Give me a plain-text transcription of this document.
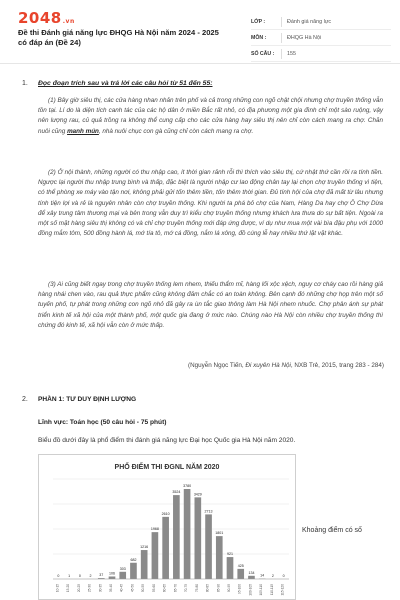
2048.vn
Đề thi Đánh giá năng lực ĐHQG Hà Nội năm 2024 - 2025 có đáp án (Đề 24)
LỚP :	Đánh giá năng lực
MÔN :	ĐHQG Hà Nội
SỐ CÂU :	155
1. Đọc đoạn trích sau và trả lời các câu hỏi từ 51 đến 55:

(1) Bây giờ siêu thị, các cửa hàng nhan nhản trên phố và cả trong những con ngõ chật chội nhưng chợ truyền thống vẫn tồn tại. Lí do là diện tích canh tác của các hộ dân ở miền Bắc rất nhỏ, có địa phương một gia đình chỉ một sào ruộng, vậy nên lượng rau, củ quả trồng ra không thể cung cấp cho các cửa hàng hay siêu thị nên chỉ còn cách mang ra chợ. Chăn nuôi cũng manh mún, nhà nuôi chục con gà cũng chỉ còn cách mang ra chợ.

(2) Ở nội thành, những người có thu nhập cao, ít thời gian rảnh rỗi thì thích vào siêu thị, cứ nhật thứ cần rồi ra tính tiền. Ngược lại người thu nhập trung bình và thấp, đặc biệt là người nhập cư lao động chân tay lại chọn chợ truyền thống vì tiện, có thể phòng xe máy vào tận nơi, không phải gửi tốn thêm tiền, tốn thêm thời gian. Đủ tính hội của chợ đã mất từ lâu nhưng tính tiện lợi và rẻ là nguyên nhân còn chợ truyền thống. Khi người ta phá bỏ chợ của Nam, Hàng Da hay chợ Ô Chợ Dừa để xây trung tâm thương mại và bên trong vẫn duy trì kiểu chợ truyền thống nhưng khách lưa thưa do sự bất tiện. Ngoài ra một số mặt hàng siêu thị không có và chỉ chợ truyền thống mới đáp ứng được, ví dụ như mua một vài bìa đậu phụ với 1000 đồng mắm tôm, 500 đồng hành lá, mớ tía tô, mớ cá đồng, nắm lá xông, đồ cúng lễ hay nhiều thứ lặt vặt khác.

(3) Ai cũng biết ngay trong chợ truyền thống lem nhem, thiếu thẩm mĩ, hàng lối xộc xệch, nguy cơ cháy cao rồi hàng giả hàng nhái chen vào, rau quả thực phẩm cũng không đảm chắc có an toàn không. Bên cạnh đó những chợ họp trên một số tuyến phố, tự phát trong những con ngõ nhỏ đã gây ra ùn tắc giao thông làm Hà Nội nhem nhuốc. Chợ phân ánh sự phát triển kinh tế xã hội của một thành phố, một quốc gia đang ở mức nào. Chúng nào Hà Nội còn nhiều chợ truyền thống thì chứng đó kinh tế, xã hội vẫn còn ở mức thấp.

(Nguyễn Ngọc Tiến, Đi xuyên Hà Nội, NXB Trẻ, 2015, trang 283 - 284)
2. PHẦN 1: TƯ DUY ĐỊNH LƯỢNG
Lĩnh vực: Toán học (50 câu hỏi - 75 phút)
Biểu đồ dưới đây là phổ điểm thi đánh giá năng lực Đại học Quốc gia Hà Nội năm 2020.
PHỔ ĐIỂM THI ĐGNL NĂM 2020
0 1 0 2 37 106
303
682
1216
1968
2610
3524
3780
3429
2713
1801
921
425
134
14 2 0
10-15 15-20 20-25 25-30 30-35 35-40 40-45 45-50 50-55 55-60 60-65 65-70 70-75 75-80 80-85 85-90 90-95 95-100 100-105 105-110 110-115 115-120
Khoảng điểm có số
